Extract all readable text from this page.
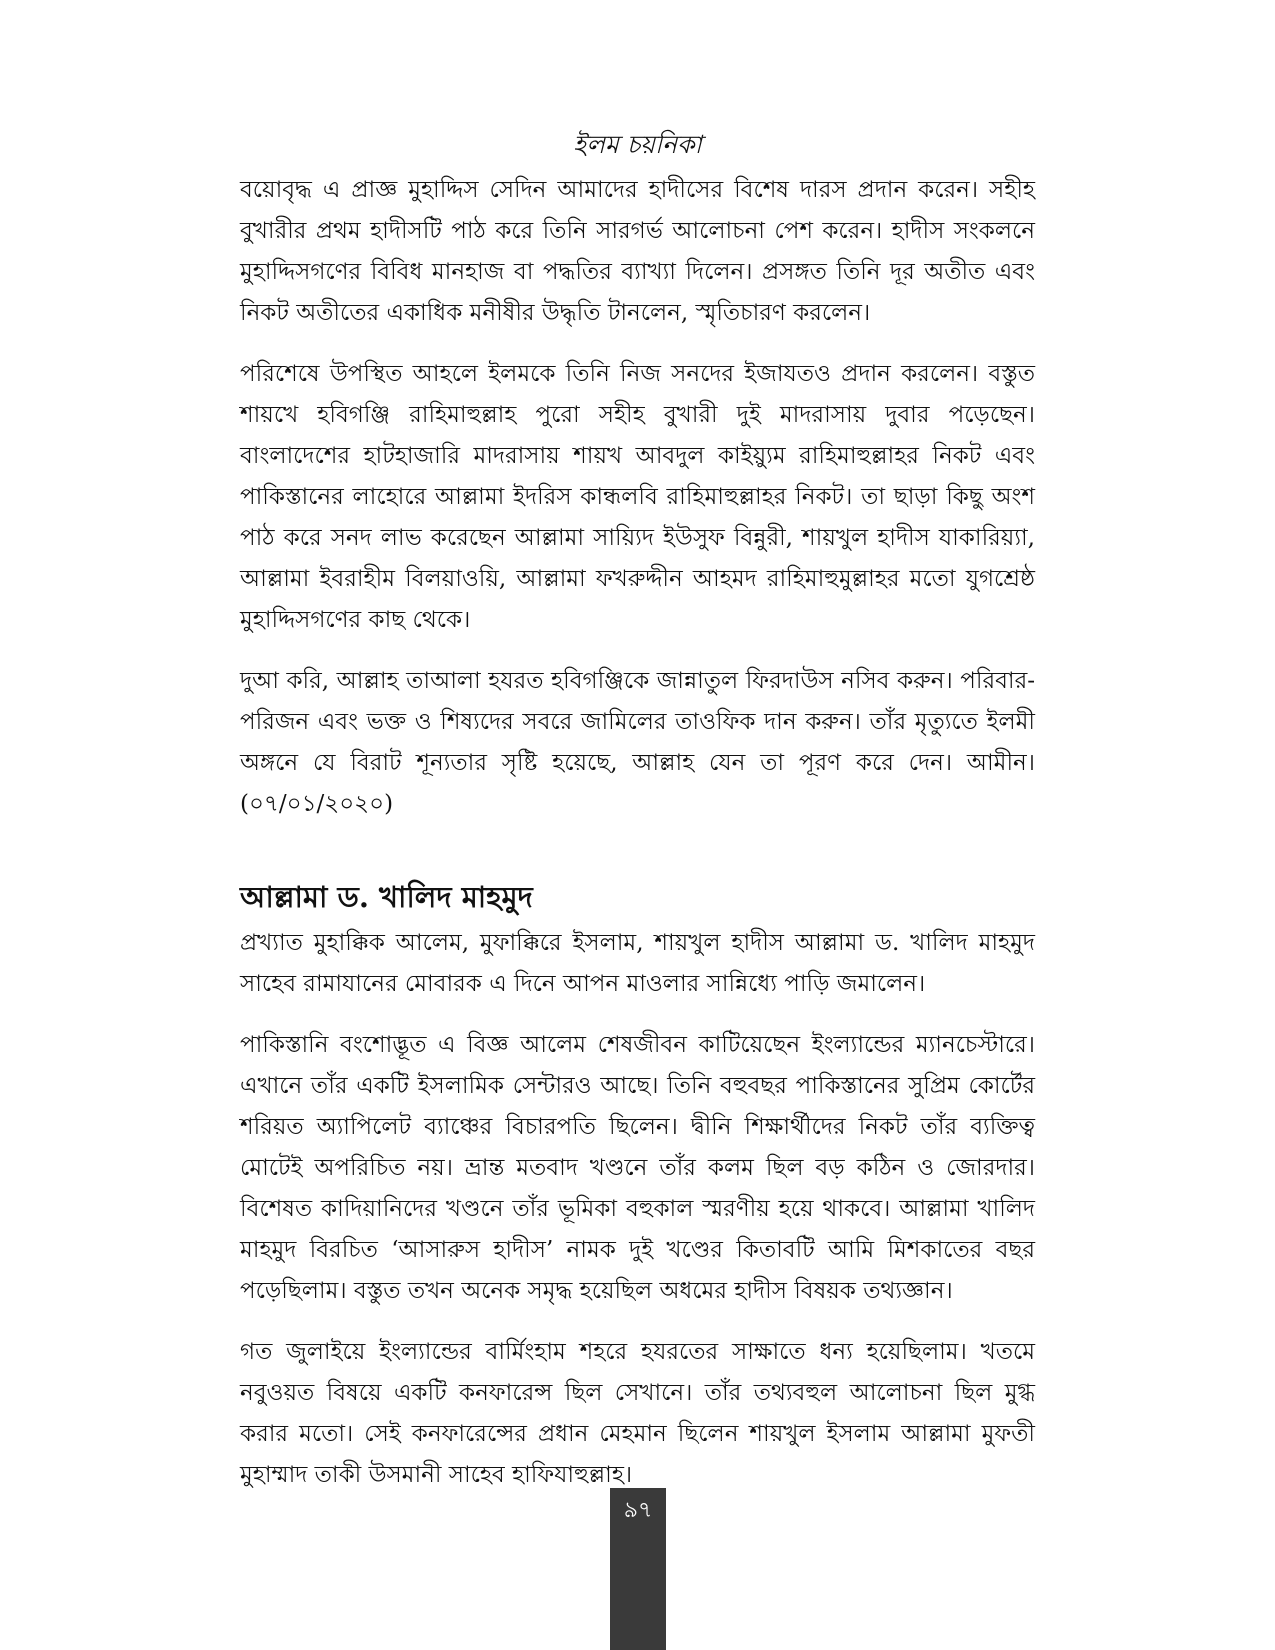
ইলম চয়নিকা

বয়োবৃদ্ধ এ প্রাজ্ঞ মুহাদ্দিস সেদিন আমাদের হাদীসের বিশেষ দারস প্রদান করেন। সহীহ বুখারীর প্রথম হাদীসটি পাঠ করে তিনি সারগর্ভ আলোচনা পেশ করেন। হাদীস সংকলনে মুহাদ্দিসগণের বিবিধ মানহাজ বা পদ্ধতির ব্যাখ্যা দিলেন। প্রসঙ্গত তিনি দূর অতীত এবং নিকট অতীতের একাধিক মনীষীর উদ্ধৃতি টানলেন, স্মৃতিচারণ করলেন।

পরিশেষে উপস্থিত আহলে ইলমকে তিনি নিজ সনদের ইজাযতও প্রদান করলেন। বস্তুত শায়খে হবিগঞ্জি রাহিমাহুল্লাহ পুরো সহীহ বুখারী দুই মাদরাসায় দুবার পড়েছেন। বাংলাদেশের হাটহাজারি মাদরাসায় শায়খ আবদুল কাইয়্যুম রাহিমাহুল্লাহর নিকট এবং পাকিস্তানের লাহোরে আল্লামা ইদরিস কান্ধলবি রাহিমাহুল্লাহর নিকট। তা ছাড়া কিছু অংশ পাঠ করে সনদ লাভ করেছেন আল্লামা সায়্যিদ ইউসুফ বিন্নুরী, শায়খুল হাদীস যাকারিয়্যা, আল্লামা ইবরাহীম বিলয়াওয়ি, আল্লামা ফখরুদ্দীন আহমদ রাহিমাহুমুল্লাহর মতো যুগশ্রেষ্ঠ মুহাদ্দিসগণের কাছ থেকে।

দুআ করি, আল্লাহ তাআলা হযরত হবিগঞ্জিকে জান্নাতুল ফিরদাউস নসিব করুন। পরিবার-পরিজন এবং ভক্ত ও শিষ্যদের সবরে জামিলের তাওফিক দান করুন। তাঁর মৃত্যুতে ইলমী অঙ্গনে যে বিরাট শূন্যতার সৃষ্টি হয়েছে, আল্লাহ যেন তা পূরণ করে দেন। আমীন। (০৭/০১/২০২০)

আল্লামা ড. খালিদ মাহমুদ

প্রখ্যাত মুহাক্কিক আলেম, মুফাক্কিরে ইসলাম, শায়খুল হাদীস আল্লামা ড. খালিদ মাহমুদ সাহেব রামাযানের মোবারক এ দিনে আপন মাওলার সান্নিধ্যে পাড়ি জমালেন।

পাকিস্তানি বংশোদ্ভূত এ বিজ্ঞ আলেম শেষজীবন কাটিয়েছেন ইংল্যান্ডের ম্যানচেস্টারে। এখানে তাঁর একটি ইসলামিক সেন্টারও আছে। তিনি বহুবছর পাকিস্তানের সুপ্রিম কোর্টের শরিয়ত অ্যাপিলেট ব্যাঞ্চের বিচারপতি ছিলেন। দ্বীনি শিক্ষার্থীদের নিকট তাঁর ব্যক্তিত্ব মোটেই অপরিচিত নয়। ভ্রান্ত মতবাদ খণ্ডনে তাঁর কলম ছিল বড় কঠিন ও জোরদার। বিশেষত কাদিয়ানিদের খণ্ডনে তাঁর ভূমিকা বহুকাল স্মরণীয় হয়ে থাকবে। আল্লামা খালিদ মাহমুদ বিরচিত ‘আসারুস হাদীস’ নামক দুই খণ্ডের কিতাবটি আমি মিশকাতের বছর পড়েছিলাম। বস্তুত তখন অনেক সমৃদ্ধ হয়েছিল অধমের হাদীস বিষয়ক তথ্যজ্ঞান।

গত জুলাইয়ে ইংল্যান্ডের বার্মিংহাম শহরে হযরতের সাক্ষাতে ধন্য হয়েছিলাম। খতমে নবুওয়ত বিষয়ে একটি কনফারেন্স ছিল সেখানে। তাঁর তথ্যবহুল আলোচনা ছিল মুগ্ধ করার মতো। সেই কনফারেন্সের প্রধান মেহমান ছিলেন শায়খুল ইসলাম আল্লামা মুফতী মুহাম্মাদ তাকী উসমানী সাহেব হাফিযাহুল্লাহ।

৯৭
